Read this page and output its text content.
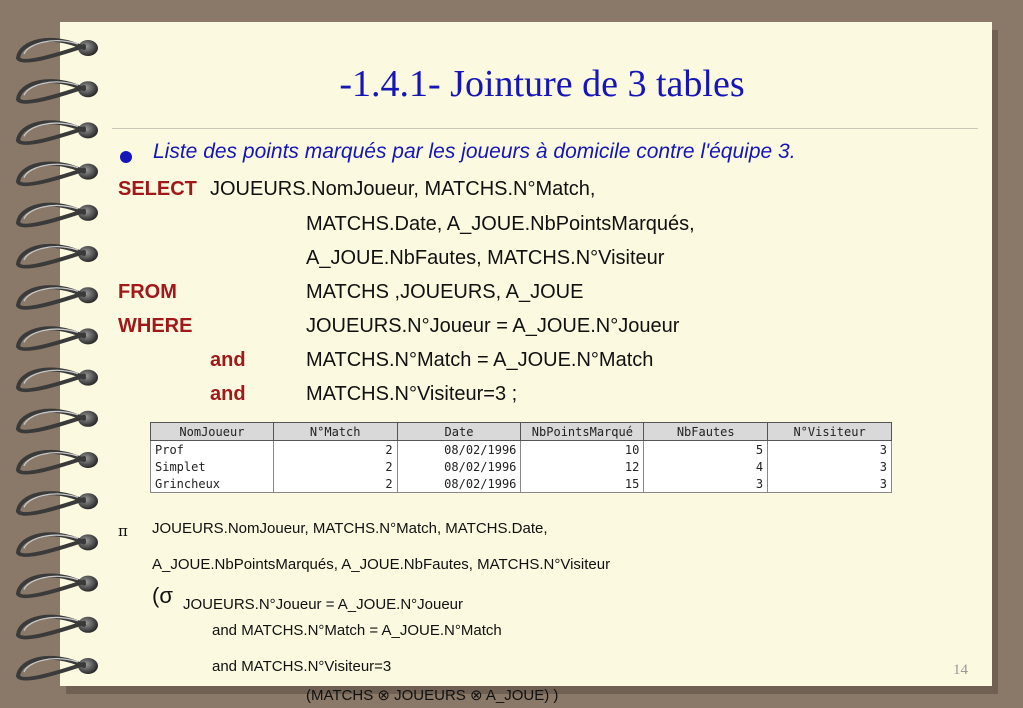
-1.4.1- Jointure de 3 tables
Liste des points marqués par les joueurs à domicile contre l'équipe 3.
SELECT JOUEURS.NomJoueur, MATCHS.N°Match,
MATCHS.Date, A_JOUE.NbPointsMarqués,
A_JOUE.NbFautes, MATCHS.N°Visiteur
FROM	MATCHS ,JOUEURS, A_JOUE
WHERE	JOUEURS.N°Joueur = A_JOUE.N°Joueur
and	MATCHS.N°Match = A_JOUE.N°Match
and	MATCHS.N°Visiteur=3 ;
NomJoueur	N°Match	Date	NbPointsMarqué	NbFautes	N°Visiteur
Prof	2	08/02/1996	10	5	3
Simplet	2	08/02/1996	12	4	3
Grincheux	2	08/02/1996	15	3	3
π JOUEURS.NomJoueur, MATCHS.N°Match, MATCHS.Date,
A_JOUE.NbPointsMarqués, A_JOUE.NbFautes, MATCHS.N°Visiteur
(σ JOUEURS.N°Joueur = A_JOUE.N°Joueur
and MATCHS.N°Match = A_JOUE.N°Match
and MATCHS.N°Visiteur=3	14
(MATCHS ⊗ JOUEURS ⊗ A_JOUE) )
